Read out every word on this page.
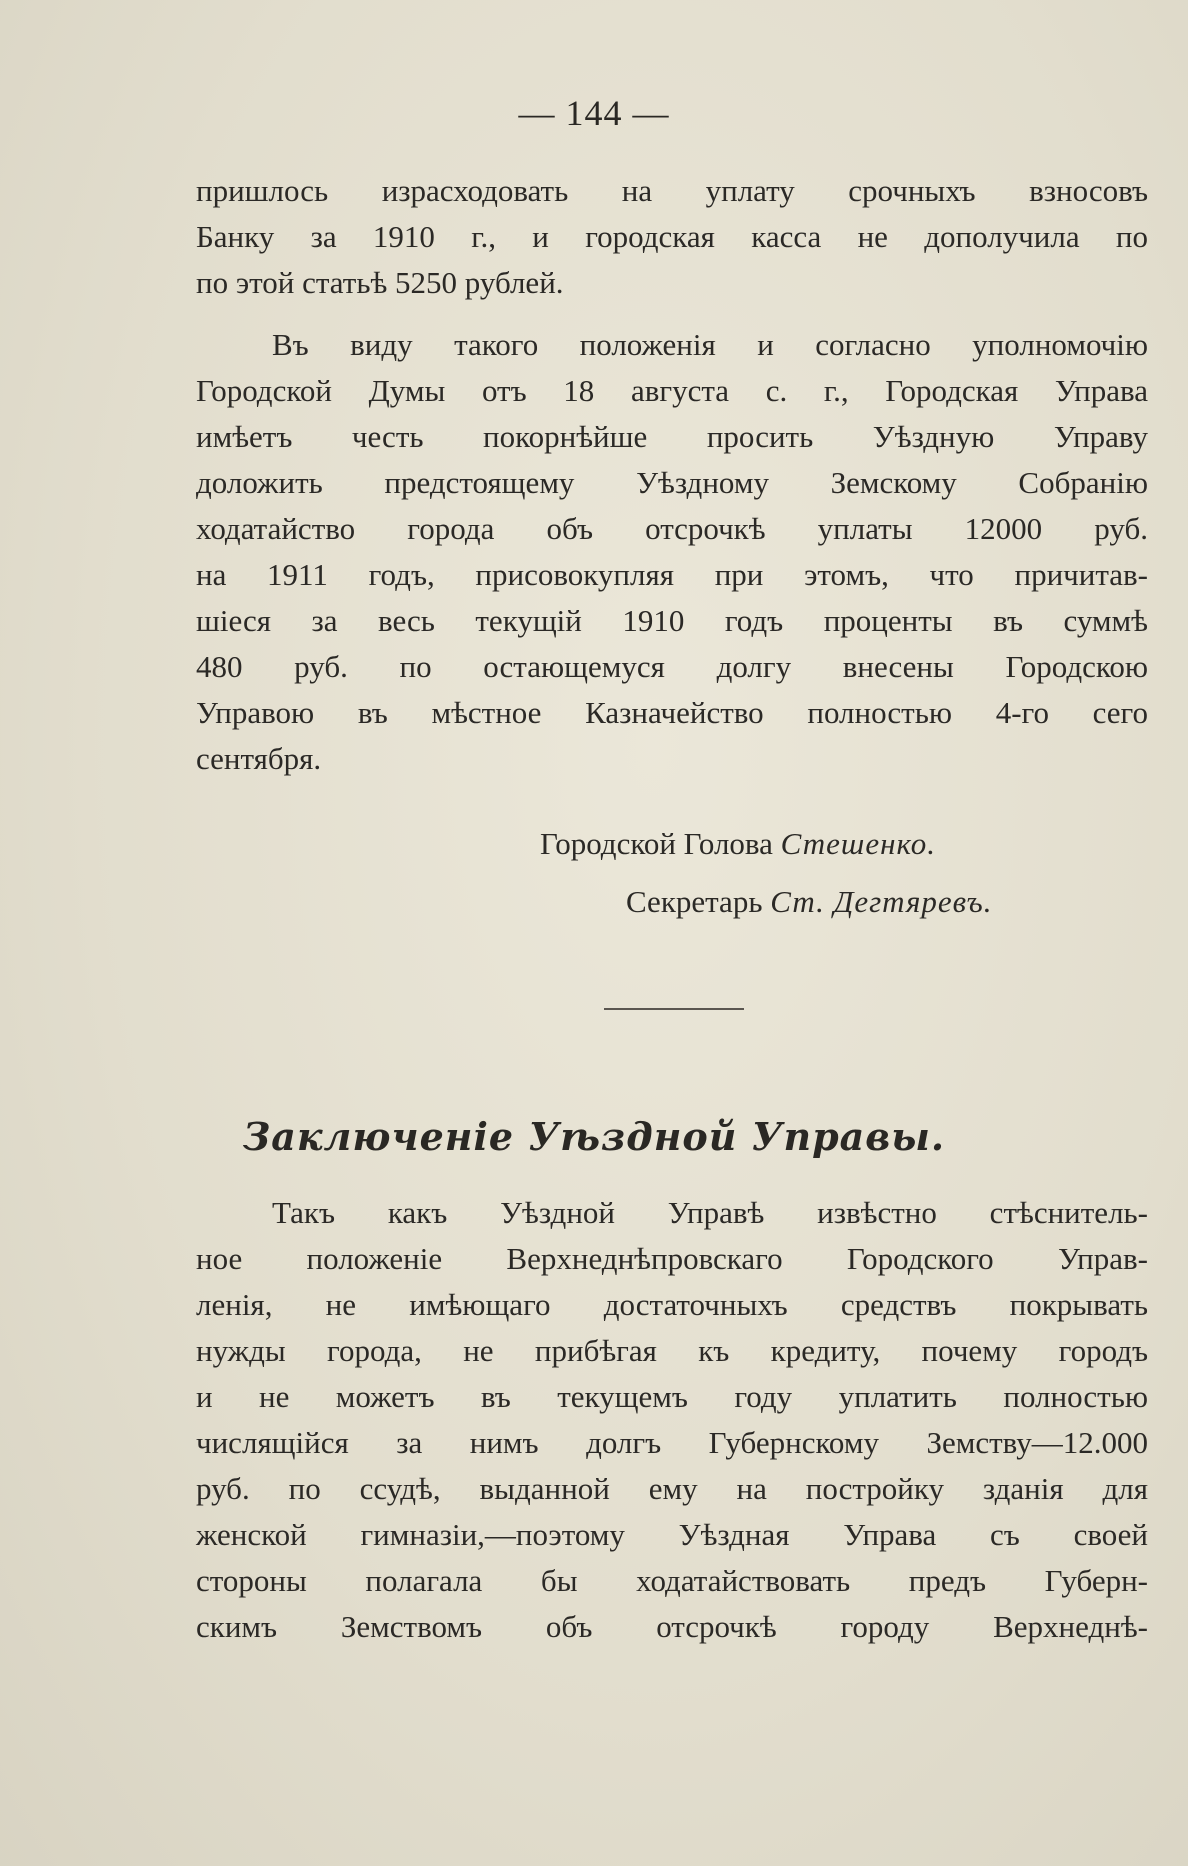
— 144 —
пришлось израсходовать на уплату срочныхъ взносовъ
Банку за 1910 г., и городская касса не дополучила по
по этой статьѣ 5250 рублей.
Въ виду такого положенія и согласно уполномочію
Городской Думы отъ 18 августа с. г., Городская Управа
имѣетъ честь покорнѣйше просить Уѣздную Управу
доложить предстоящему Уѣздному Земскому Собранію
ходатайство города объ отсрочкѣ уплаты 12000 руб.
на 1911 годъ, присовокупляя при этомъ, что причитав-
шіеся за весь текущій 1910 годъ проценты въ суммѣ
480 руб. по остающемуся долгу внесены Городскою
Управою въ мѣстное Казначейство полностью 4-го сего
сентября.
Городской Голова Стешенко.
Секретарь Ст. Дегтяревъ.
Заключеніе Уѣздной Управы.
Такъ какъ Уѣздной Управѣ извѣстно стѣснитель-
ное положеніе Верхнеднѣпровскаго Городского Управ-
ленія, не имѣющаго достаточныхъ средствъ покрывать
нужды города, не прибѣгая къ кредиту, почему городъ
и не можетъ въ текущемъ году уплатить полностью
числящійся за нимъ долгъ Губернскому Земству—12.000
руб. по ссудѣ, выданной ему на постройку зданія для
женской гимназіи,—поэтому Уѣздная Управа съ своей
стороны полагала бы ходатайствовать предъ Губерн-
скимъ Земствомъ объ отсрочкѣ городу Верхнеднѣ-
